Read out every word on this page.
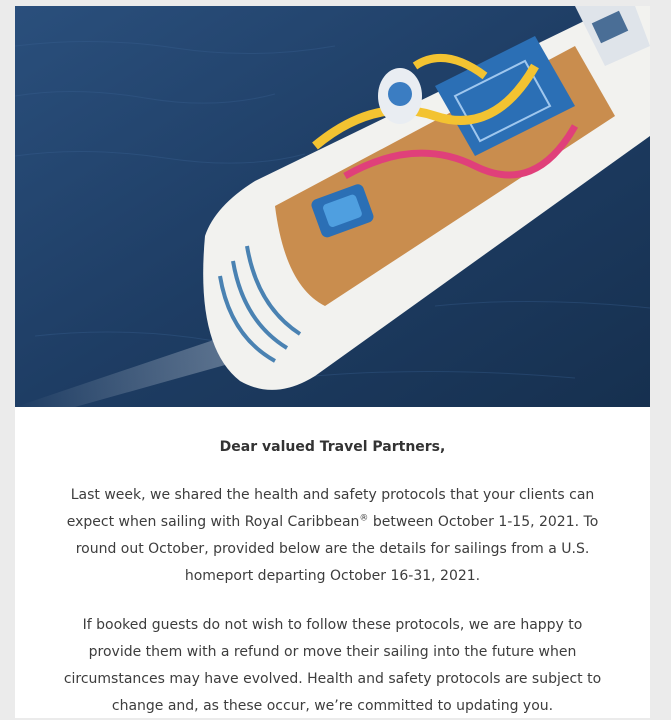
Dear valued Travel Partners,
Last week, we shared the health and safety protocols that your clients can expect when sailing with Royal Caribbean® between October 1-15, 2021. To round out October, provided below are the details for sailings from a U.S. homeport departing October 16-31, 2021.
If booked guests do not wish to follow these protocols, we are happy to provide them with a refund or move their sailing into the future when circumstances may have evolved. Health and safety protocols are subject to change and, as these occur, we’re committed to updating you.
